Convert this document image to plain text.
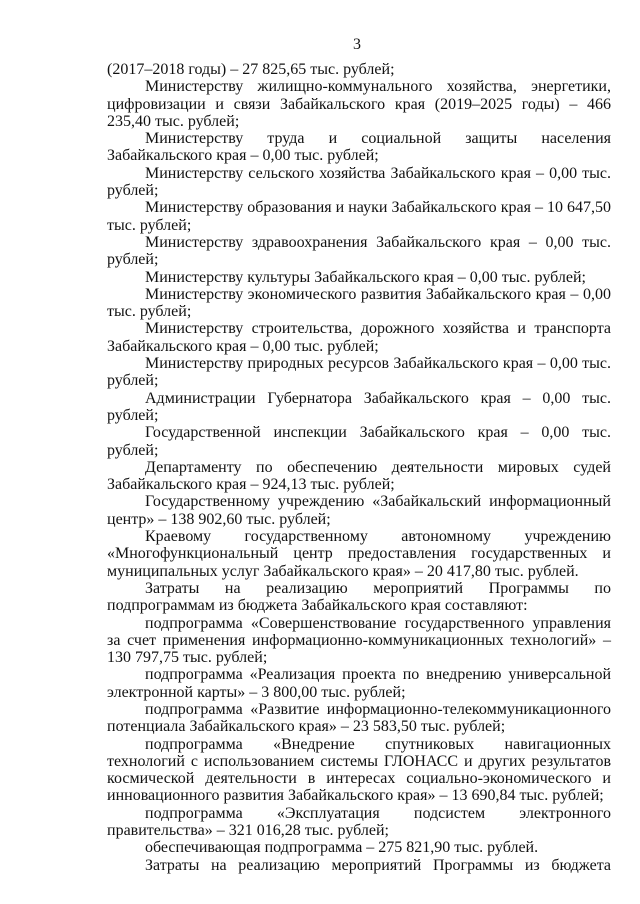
3

(2017–2018 годы) – 27 825,65 тыс. рублей;

Министерству жилищно-коммунального хозяйства, энергетики, цифровизации и связи Забайкальского края (2019–2025 годы) – 466 235,40 тыс. рублей;

Министерству труда и социальной защиты населения Забайкальского края – 0,00 тыс. рублей;

Министерству сельского хозяйства Забайкальского края – 0,00 тыс. рублей;

Министерству образования и науки Забайкальского края – 10 647,50 тыс. рублей;

Министерству здравоохранения Забайкальского края – 0,00 тыс. рублей;

Министерству культуры Забайкальского края – 0,00 тыс. рублей;

Министерству экономического развития Забайкальского края – 0,00 тыс. рублей;

Министерству строительства, дорожного хозяйства и транспорта Забайкальского края – 0,00 тыс. рублей;

Министерству природных ресурсов Забайкальского края – 0,00 тыс. рублей;

Администрации Губернатора Забайкальского края – 0,00 тыс. рублей;

Государственной инспекции Забайкальского края – 0,00 тыс. рублей;

Департаменту по обеспечению деятельности мировых судей Забайкальского края – 924,13 тыс. рублей;

Государственному учреждению «Забайкальский информационный центр» – 138 902,60 тыс. рублей;

Краевому государственному автономному учреждению «Многофункциональный центр предоставления государственных и муниципальных услуг Забайкальского края» – 20 417,80 тыс. рублей.

Затраты на реализацию мероприятий Программы по подпрограммам из бюджета Забайкальского края составляют:

подпрограмма «Совершенствование государственного управления за счет применения информационно-коммуникационных технологий» – 130 797,75 тыс. рублей;

подпрограмма «Реализация проекта по внедрению универсальной электронной карты» – 3 800,00 тыс. рублей;

подпрограмма «Развитие информационно-телекоммуникационного потенциала Забайкальского края» – 23 583,50 тыс. рублей;

подпрограмма «Внедрение спутниковых навигационных технологий с использованием системы ГЛОНАСС и других результатов космической деятельности в интересах социально-экономического и инновационного развития Забайкальского края» – 13 690,84 тыс. рублей;

подпрограмма «Эксплуатация подсистем электронного правительства» – 321 016,28 тыс. рублей;

обеспечивающая подпрограмма – 275 821,90 тыс. рублей.

Затраты на реализацию мероприятий Программы из бюджета
